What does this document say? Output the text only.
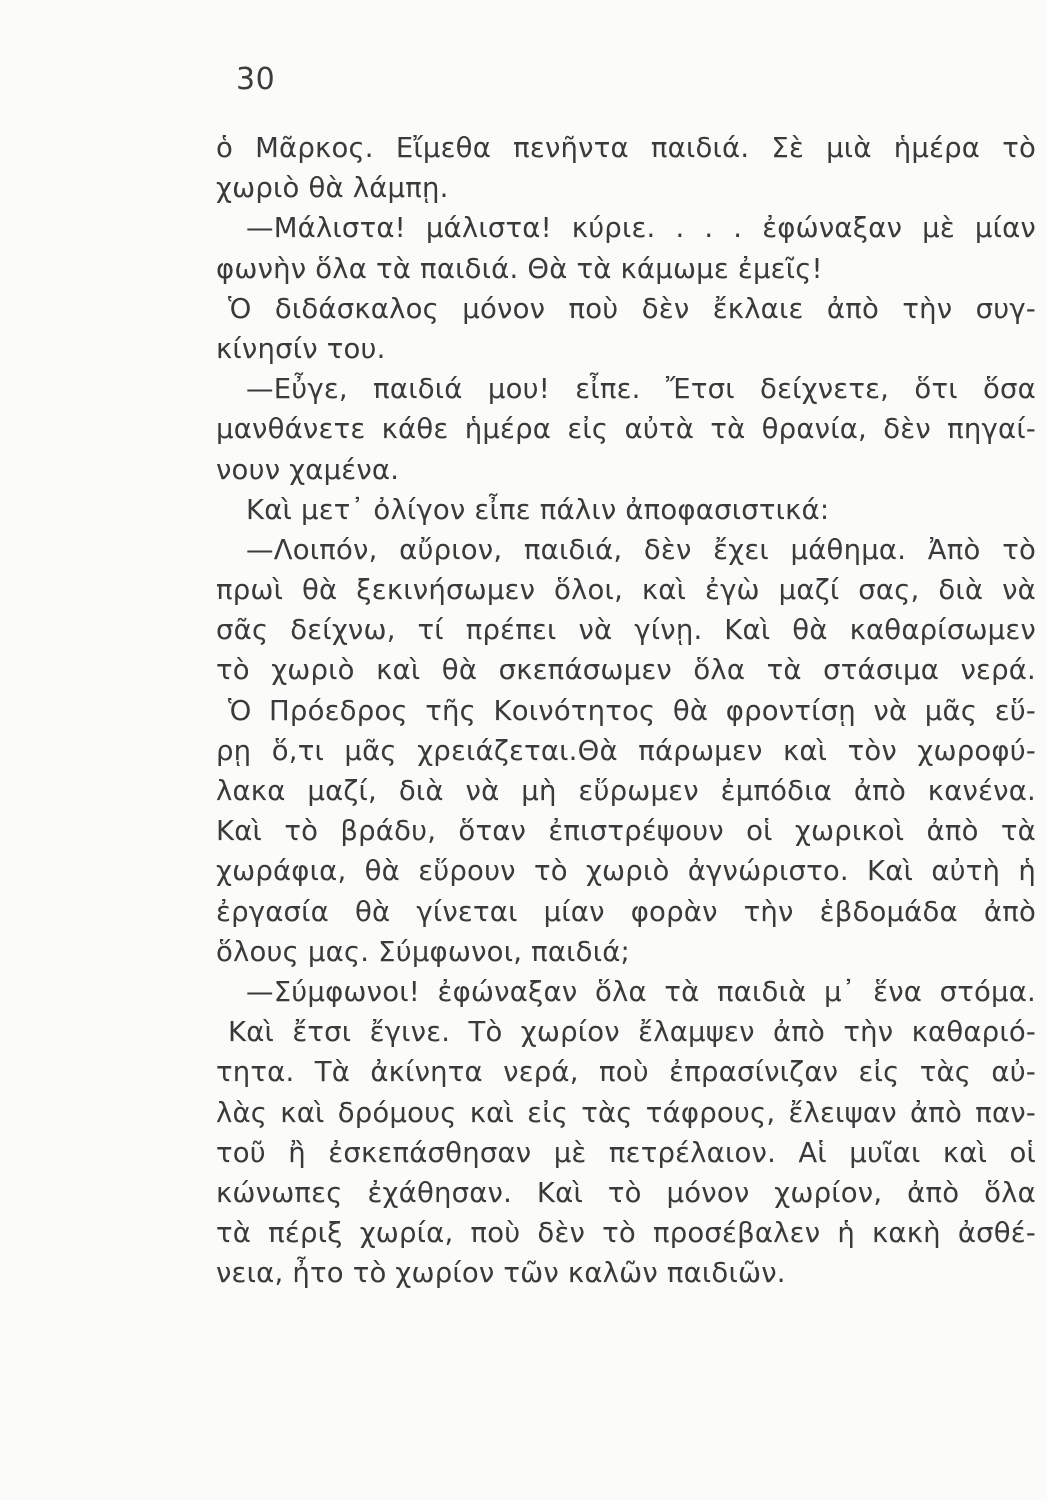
30
ὁ Μᾶρκος. Εἴμεθα πενῆντα παιδιά. Σὲ μιὰ ἡμέρα τὸ
χωριὸ θὰ λάμπῃ.
—Μάλιστα! μάλιστα! κύριε. . . . ἐφώναξαν μὲ μίαν
φωνὴν ὅλα τὰ παιδιά. Θὰ τὰ κάμωμε ἐμεῖς!
Ὁ διδάσκαλος μόνον ποὺ δὲν ἔκλαιε ἀπὸ τὴν συγ-
κίνησίν του.
—Εὖγε, παιδιά μου! εἶπε. Ἔτσι δείχνετε, ὅτι ὅσα
μανθάνετε κάθε ἡμέρα εἰς αὐτὰ τὰ θρανία, δὲν πηγαί-
νουν χαμένα.
Καὶ μετ᾽ ὀλίγον εἶπε πάλιν ἀποφασιστικά:
—Λοιπόν, αὔριον, παιδιά, δὲν ἔχει μάθημα. Ἀπὸ τὸ
πρωὶ θὰ ξεκινήσωμεν ὅλοι, καὶ ἐγὼ μαζί σας, διὰ νὰ
σᾶς δείχνω, τί πρέπει νὰ γίνῃ. Καὶ θὰ καθαρίσωμεν
τὸ χωριὸ καὶ θὰ σκεπάσωμεν ὅλα τὰ στάσιμα νερά.
Ὁ Πρόεδρος τῆς Κοινότητος θὰ φροντίσῃ νὰ μᾶς εὕ-
ρῃ ὅ,τι μᾶς χρειάζεται.Θὰ πάρωμεν καὶ τὸν χωροφύ-
λακα μαζί, διὰ νὰ μὴ εὕρωμεν ἐμπόδια ἀπὸ κανένα.
Καὶ τὸ βράδυ, ὅταν ἐπιστρέψουν οἱ χωρικοὶ ἀπὸ τὰ
χωράφια, θὰ εὕρουν τὸ χωριὸ ἀγνώριστο. Καὶ αὐτὴ ἡ
ἐργασία θὰ γίνεται μίαν φορὰν τὴν ἑβδομάδα ἀπὸ
ὅλους μας. Σύμφωνοι, παιδιά;
—Σύμφωνοι! ἐφώναξαν ὅλα τὰ παιδιὰ μ᾽ ἕνα στόμα.
Καὶ ἔτσι ἔγινε. Τὸ χωρίον ἔλαμψεν ἀπὸ τὴν καθαριό-
τητα. Τὰ ἀκίνητα νερά, ποὺ ἐπρασίνιζαν εἰς τὰς αὐ-
λὰς καὶ δρόμους καὶ εἰς τὰς τάφρους, ἔλειψαν ἀπὸ παν-
τοῦ ἢ ἐσκεπάσθησαν μὲ πετρέλαιον. Αἱ μυῖαι καὶ οἱ
κώνωπες ἐχάθησαν. Καὶ τὸ μόνον χωρίον, ἀπὸ ὅλα
τὰ πέριξ χωρία, ποὺ δὲν τὸ προσέβαλεν ἡ κακὴ ἀσθέ-
νεια, ἦτο τὸ χωρίον τῶν καλῶν παιδιῶν.
